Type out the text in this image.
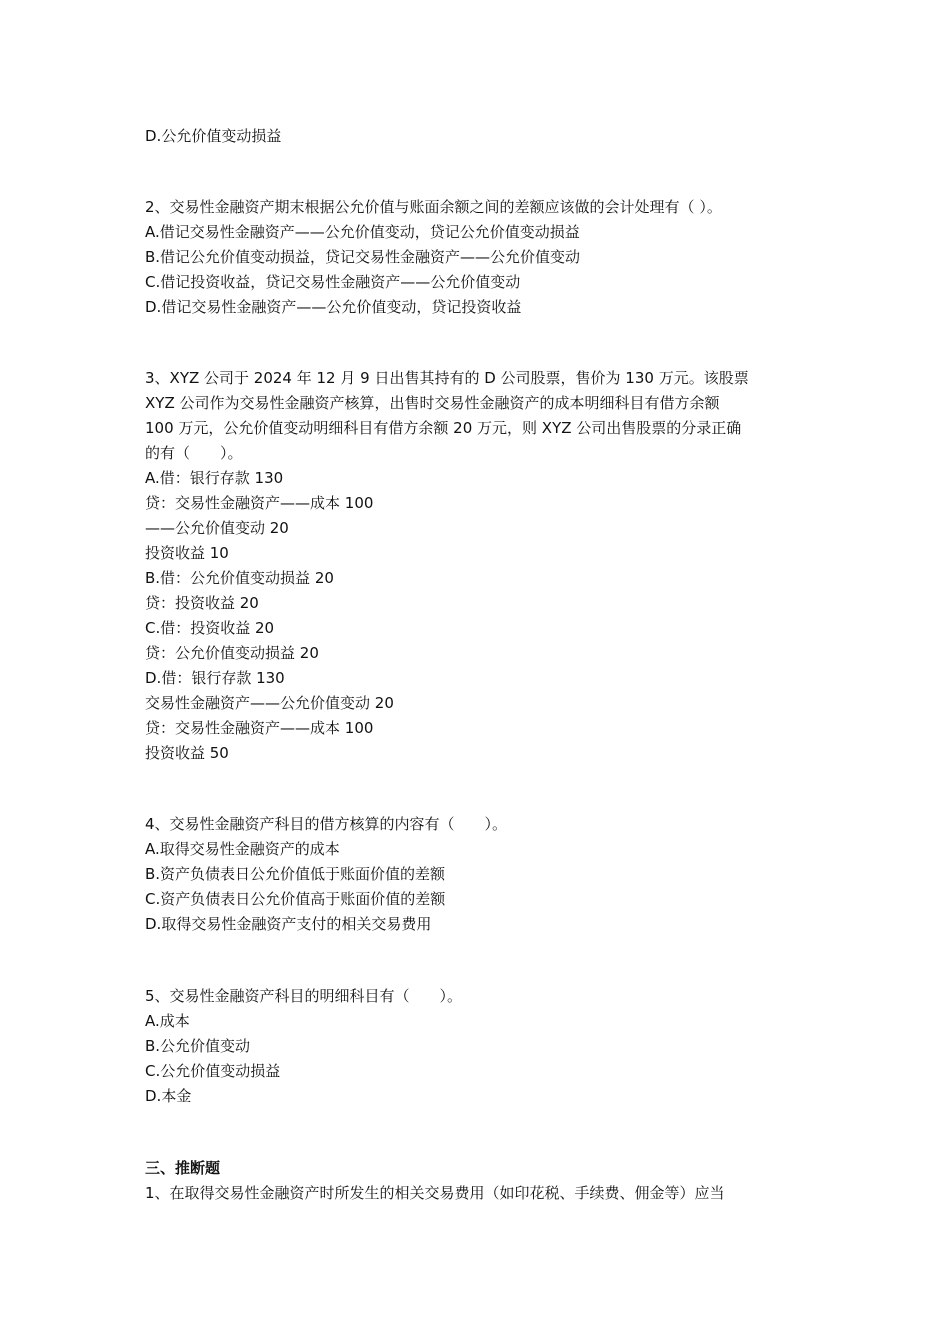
D.公允价值变动损益
2、交易性金融资产期末根据公允价值与账面余额之间的差额应该做的会计处理有（ ）。
A.借记交易性金融资产——公允价值变动，贷记公允价值变动损益
B.借记公允价值变动损益，贷记交易性金融资产——公允价值变动
C.借记投资收益，贷记交易性金融资产——公允价值变动
D.借记交易性金融资产——公允价值变动，贷记投资收益
3、XYZ 公司于 2024 年 12 月 9 日出售其持有的 D 公司股票，售价为 130 万元。该股票
XYZ 公司作为交易性金融资产核算，出售时交易性金融资产的成本明细科目有借方余额
100 万元，公允价值变动明细科目有借方余额 20 万元，则 XYZ 公司出售股票的分录正确
的有（　　）。
A.借：银行存款 130
贷：交易性金融资产——成本 100
——公允价值变动 20
投资收益 10
B.借：公允价值变动损益 20
贷：投资收益 20
C.借：投资收益 20
贷：公允价值变动损益 20
D.借：银行存款 130
交易性金融资产——公允价值变动 20
贷：交易性金融资产——成本 100
投资收益 50
4、交易性金融资产科目的借方核算的内容有（　　）。
A.取得交易性金融资产的成本
B.资产负债表日公允价值低于账面价值的差额
C.资产负债表日公允价值高于账面价值的差额
D.取得交易性金融资产支付的相关交易费用
5、交易性金融资产科目的明细科目有（　　）。
A.成本
B.公允价值变动
C.公允价值变动损益
D.本金
三、推断题
1、在取得交易性金融资产时所发生的相关交易费用（如印花税、手续费、佣金等）应当
